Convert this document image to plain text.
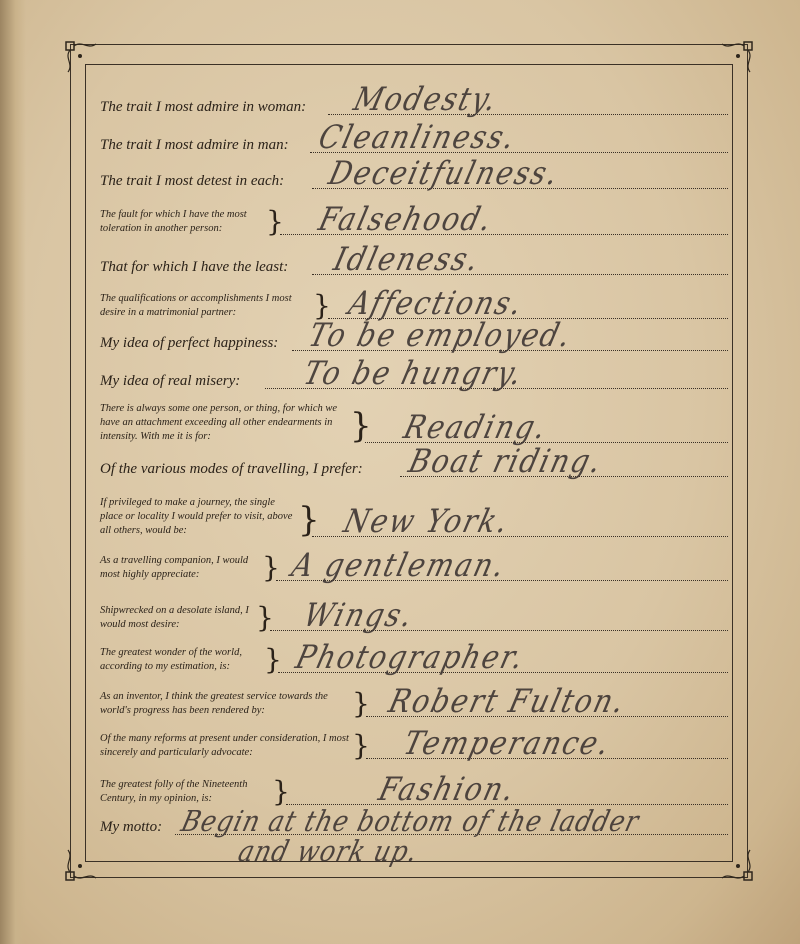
The trait I most admire in woman: Modesty.
The trait I most admire in man: Cleanliness.
The trait I most detest in each: Deceitfulness.
The fault for which I have the most toleration in another person:	} Falsehood.
That for which I have the least: Idleness.
The qualifications or accomplishments I most desire in a matrimonial partner:	} Affections.
My idea of perfect happiness: To be employed.
My idea of real misery: To be hungry.
There is always some one person, or thing, for which we have an attachment exceeding all other endearments in intensity. With me it is for:	} Reading.
Of the various modes of travelling, I prefer: Boat riding.
If privileged to make a journey, the single place or locality I would prefer to visit, above all others, would be:	} New York.
As a travelling companion, I would most highly appreciate:	} A gentleman.
Shipwrecked on a desolate island, I would most desire:	} Wings.
The greatest wonder of the world, according to my estimation, is:	} Photographer.
As an inventor, I think the greatest service towards the world's progress has been rendered by:	} Robert Fulton.
Of the many reforms at present under consideration, I most sincerely and particularly advocate:	} Temperance.
The greatest folly of the Nineteenth Century, in my opinion, is:	}	Fashion.
My motto: Begin at the bottom of the ladder
and work up.
